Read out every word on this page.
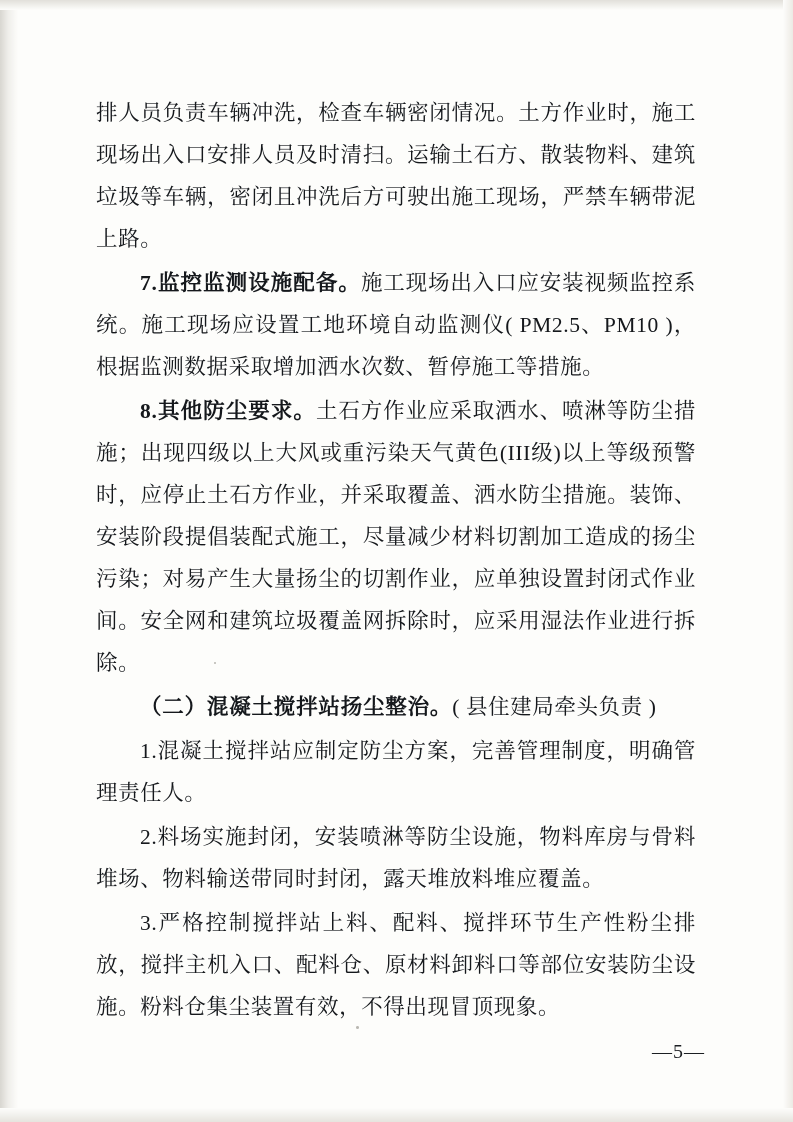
排人员负责车辆冲洗，检查车辆密闭情况。土方作业时，施工现场出入口安排人员及时清扫。运输土石方、散装物料、建筑垃圾等车辆，密闭且冲洗后方可驶出施工现场，严禁车辆带泥上路。

7.监控监测设施配备。施工现场出入口应安装视频监控系统。施工现场应设置工地环境自动监测仪( PM2.5、PM10 )，根据监测数据采取增加洒水次数、暂停施工等措施。

8.其他防尘要求。土石方作业应采取洒水、喷淋等防尘措施；出现四级以上大风或重污染天气黄色(III级)以上等级预警时，应停止土石方作业，并采取覆盖、洒水防尘措施。装饰、安装阶段提倡装配式施工，尽量减少材料切割加工造成的扬尘污染；对易产生大量扬尘的切割作业，应单独设置封闭式作业间。安全网和建筑垃圾覆盖网拆除时，应采用湿法作业进行拆除。

（二）混凝土搅拌站扬尘整治。( 县住建局牵头负责 )

1.混凝土搅拌站应制定防尘方案，完善管理制度，明确管理责任人。

2.料场实施封闭，安装喷淋等防尘设施，物料库房与骨料堆场、物料输送带同时封闭，露天堆放料堆应覆盖。

3.严格控制搅拌站上料、配料、搅拌环节生产性粉尘排放，搅拌主机入口、配料仓、原材料卸料口等部位安装防尘设施。粉料仓集尘装置有效，不得出现冒顶现象。

—5—
